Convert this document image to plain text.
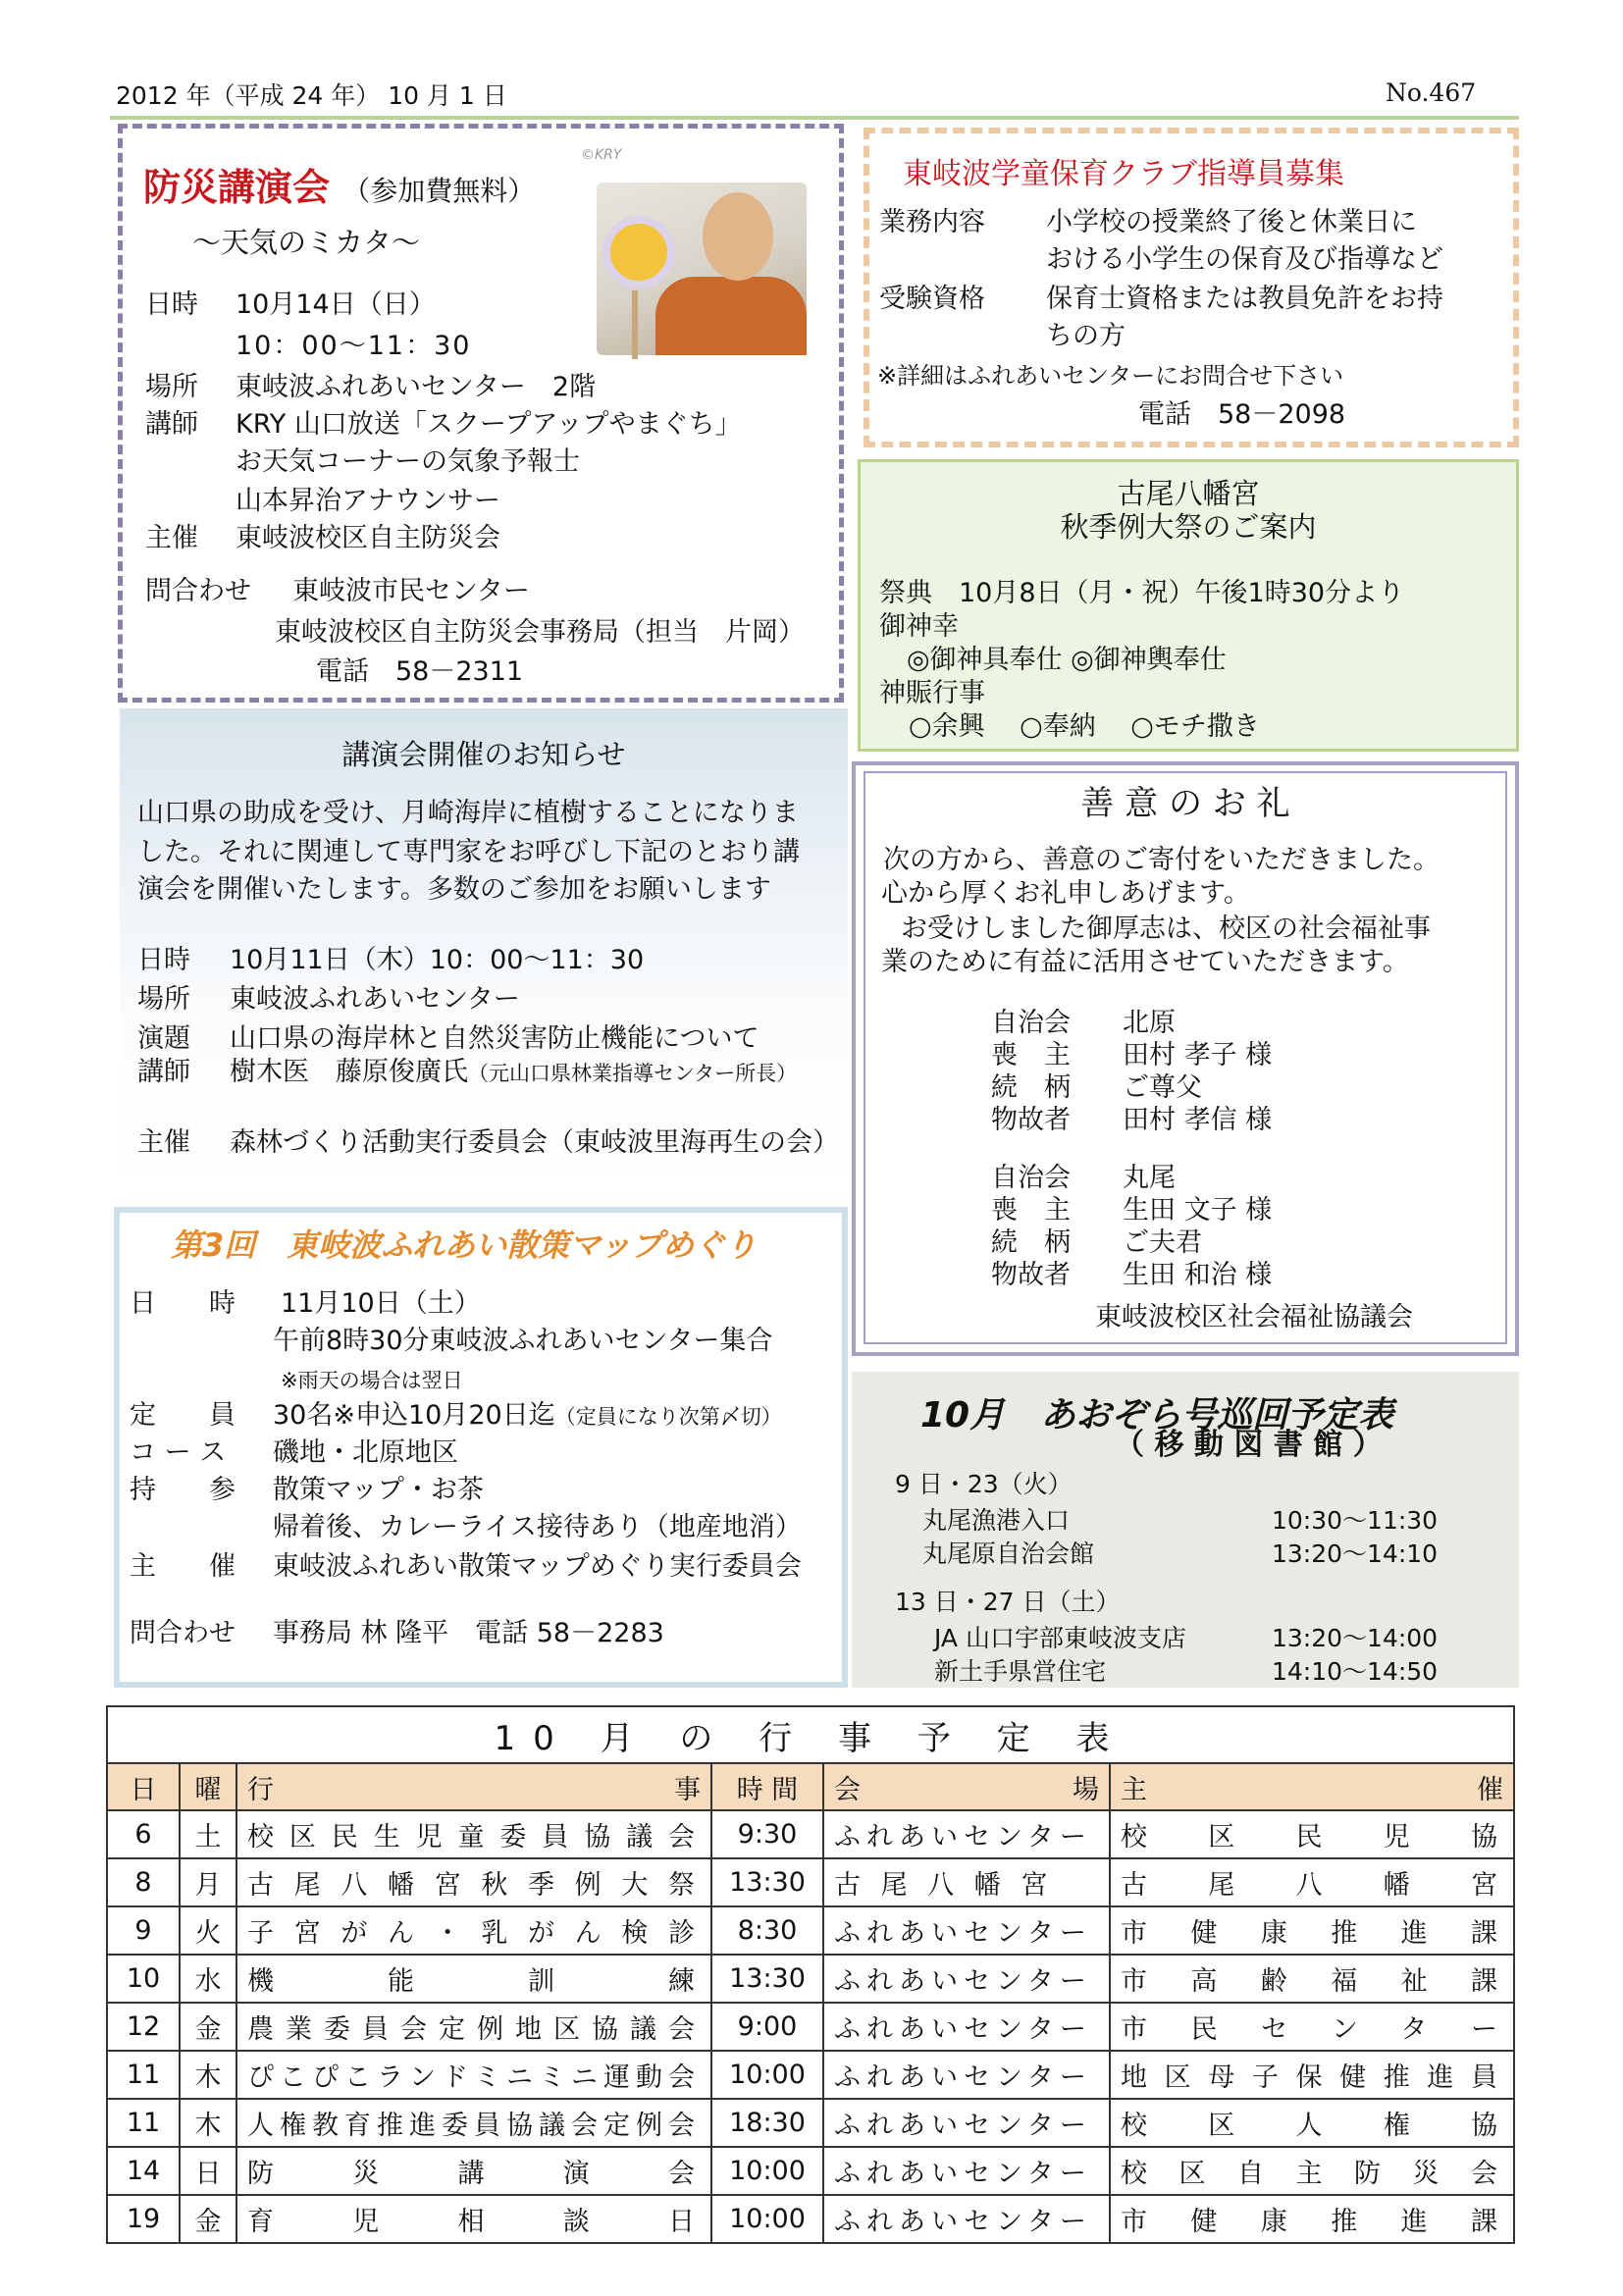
2012 年（平成 24 年） 10 月 1 日	No.467
防災講演会 （参加費無料）
©KRY
～天気のミカタ～
日時 10月14日（日）
10：00～11：30
場所 東岐波ふれあいセンター　2階
講師 KRY 山口放送「スクープアップやまぐち」
お天気コーナーの気象予報士
山本昇治アナウンサー
主催 東岐波校区自主防災会
問合わせ 東岐波市民センター
東岐波校区自主防災会事務局（担当　片岡）
電話　58－2311
東岐波学童保育クラブ指導員募集
業務内容 小学校の授業終了後と休業日に
おける小学生の保育及び指導など
受験資格 保育士資格または教員免許をお持
ちの方
※詳細はふれあいセンターにお問合せ下さい
電話　58－2098
古尾八幡宮
秋季例大祭のご案内
祭典　10月8日（月・祝）午後1時30分より
御神幸
◎御神具奉仕 ◎御神輿奉仕
神賑行事
○余興　 ○奉納　 ○モチ撒き
講演会開催のお知らせ
山口県の助成を受け、月崎海岸に植樹することになりま
した。それに関連して専門家をお呼びし下記のとおり講
演会を開催いたします。多数のご参加をお願いします
日時 10月11日（木）10：00～11：30
場所 東岐波ふれあいセンター
演題 山口県の海岸林と自然災害防止機能について
講師 樹木医　藤原俊廣氏（元山口県林業指導センター所長）
主催 森林づくり活動実行委員会（東岐波里海再生の会）
善 意 の お 礼
次の方から、善意のご寄付をいただきました。
心から厚くお礼申しあげます。
お受けしました御厚志は、校区の社会福祉事
業のために有益に活用させていただきます。
自治会 北原
喪　主 田村 孝子 様
続　柄 ご尊父
物故者 田村 孝信 様
自治会 丸尾
喪　主 生田 文子 様
続　柄 ご夫君
物故者 生田 和治 様
東岐波校区社会福祉協議会
第3回　東岐波ふれあい散策マップめぐり
日　　時 11月10日（土）
午前8時30分東岐波ふれあいセンター集合
※雨天の場合は翌日
定　　員 30名※申込10月20日迄（定員になり次第〆切）
コ ー ス 磯地・北原地区
持　　参 散策マップ・お茶
帰着後、カレーライス接待あり（地産地消）
主　　催 東岐波ふれあい散策マップめぐり実行委員会
問合わせ 事務局 林 隆平　電話 58－2283
10月　あおぞら号巡回予定表
（ 移 動 図 書 館 ）
9 日・23（火）
丸尾漁港入口	10:30～11:30
丸尾原自治会館	13:20～14:10
13 日・27 日（土）
JA 山口宇部東岐波支店	13:20～14:00
新土手県営住宅	14:10～14:50
10 月 の 行 事 予 定 表					
日	曜	行 事	時 間	会 場	主 催

6	土	校区民生児童委員協議会	9:30	ふれあいセンター	校 区 民 児 協
8	月	古尾八幡宮秋季例大祭	13:30	古 尾 八 幡 宮	古 尾 八 幡 宮
9	火	子宮がん・乳がん検診	8:30	ふれあいセンター	市健康推進課
10	水	機 能 訓 練	13:30	ふれあいセンター	市高齢福祉課
12	金	農業委員会定例地区協議会	9:00	ふれあいセンター	市民センター
11	木	ぴこぴこランドミニミニ運動会	10:00	ふれあいセンター	地区母子保健推進員
11	木	人権教育推進委員協議会定例会	18:30	ふれあいセンター	校 区 人 権 協
14	日	防 災 講 演 会	10:00	ふれあいセンター	校区自主防災会
19	金	育 児 相 談 日	10:00	ふれあいセンター	市健康推進課
